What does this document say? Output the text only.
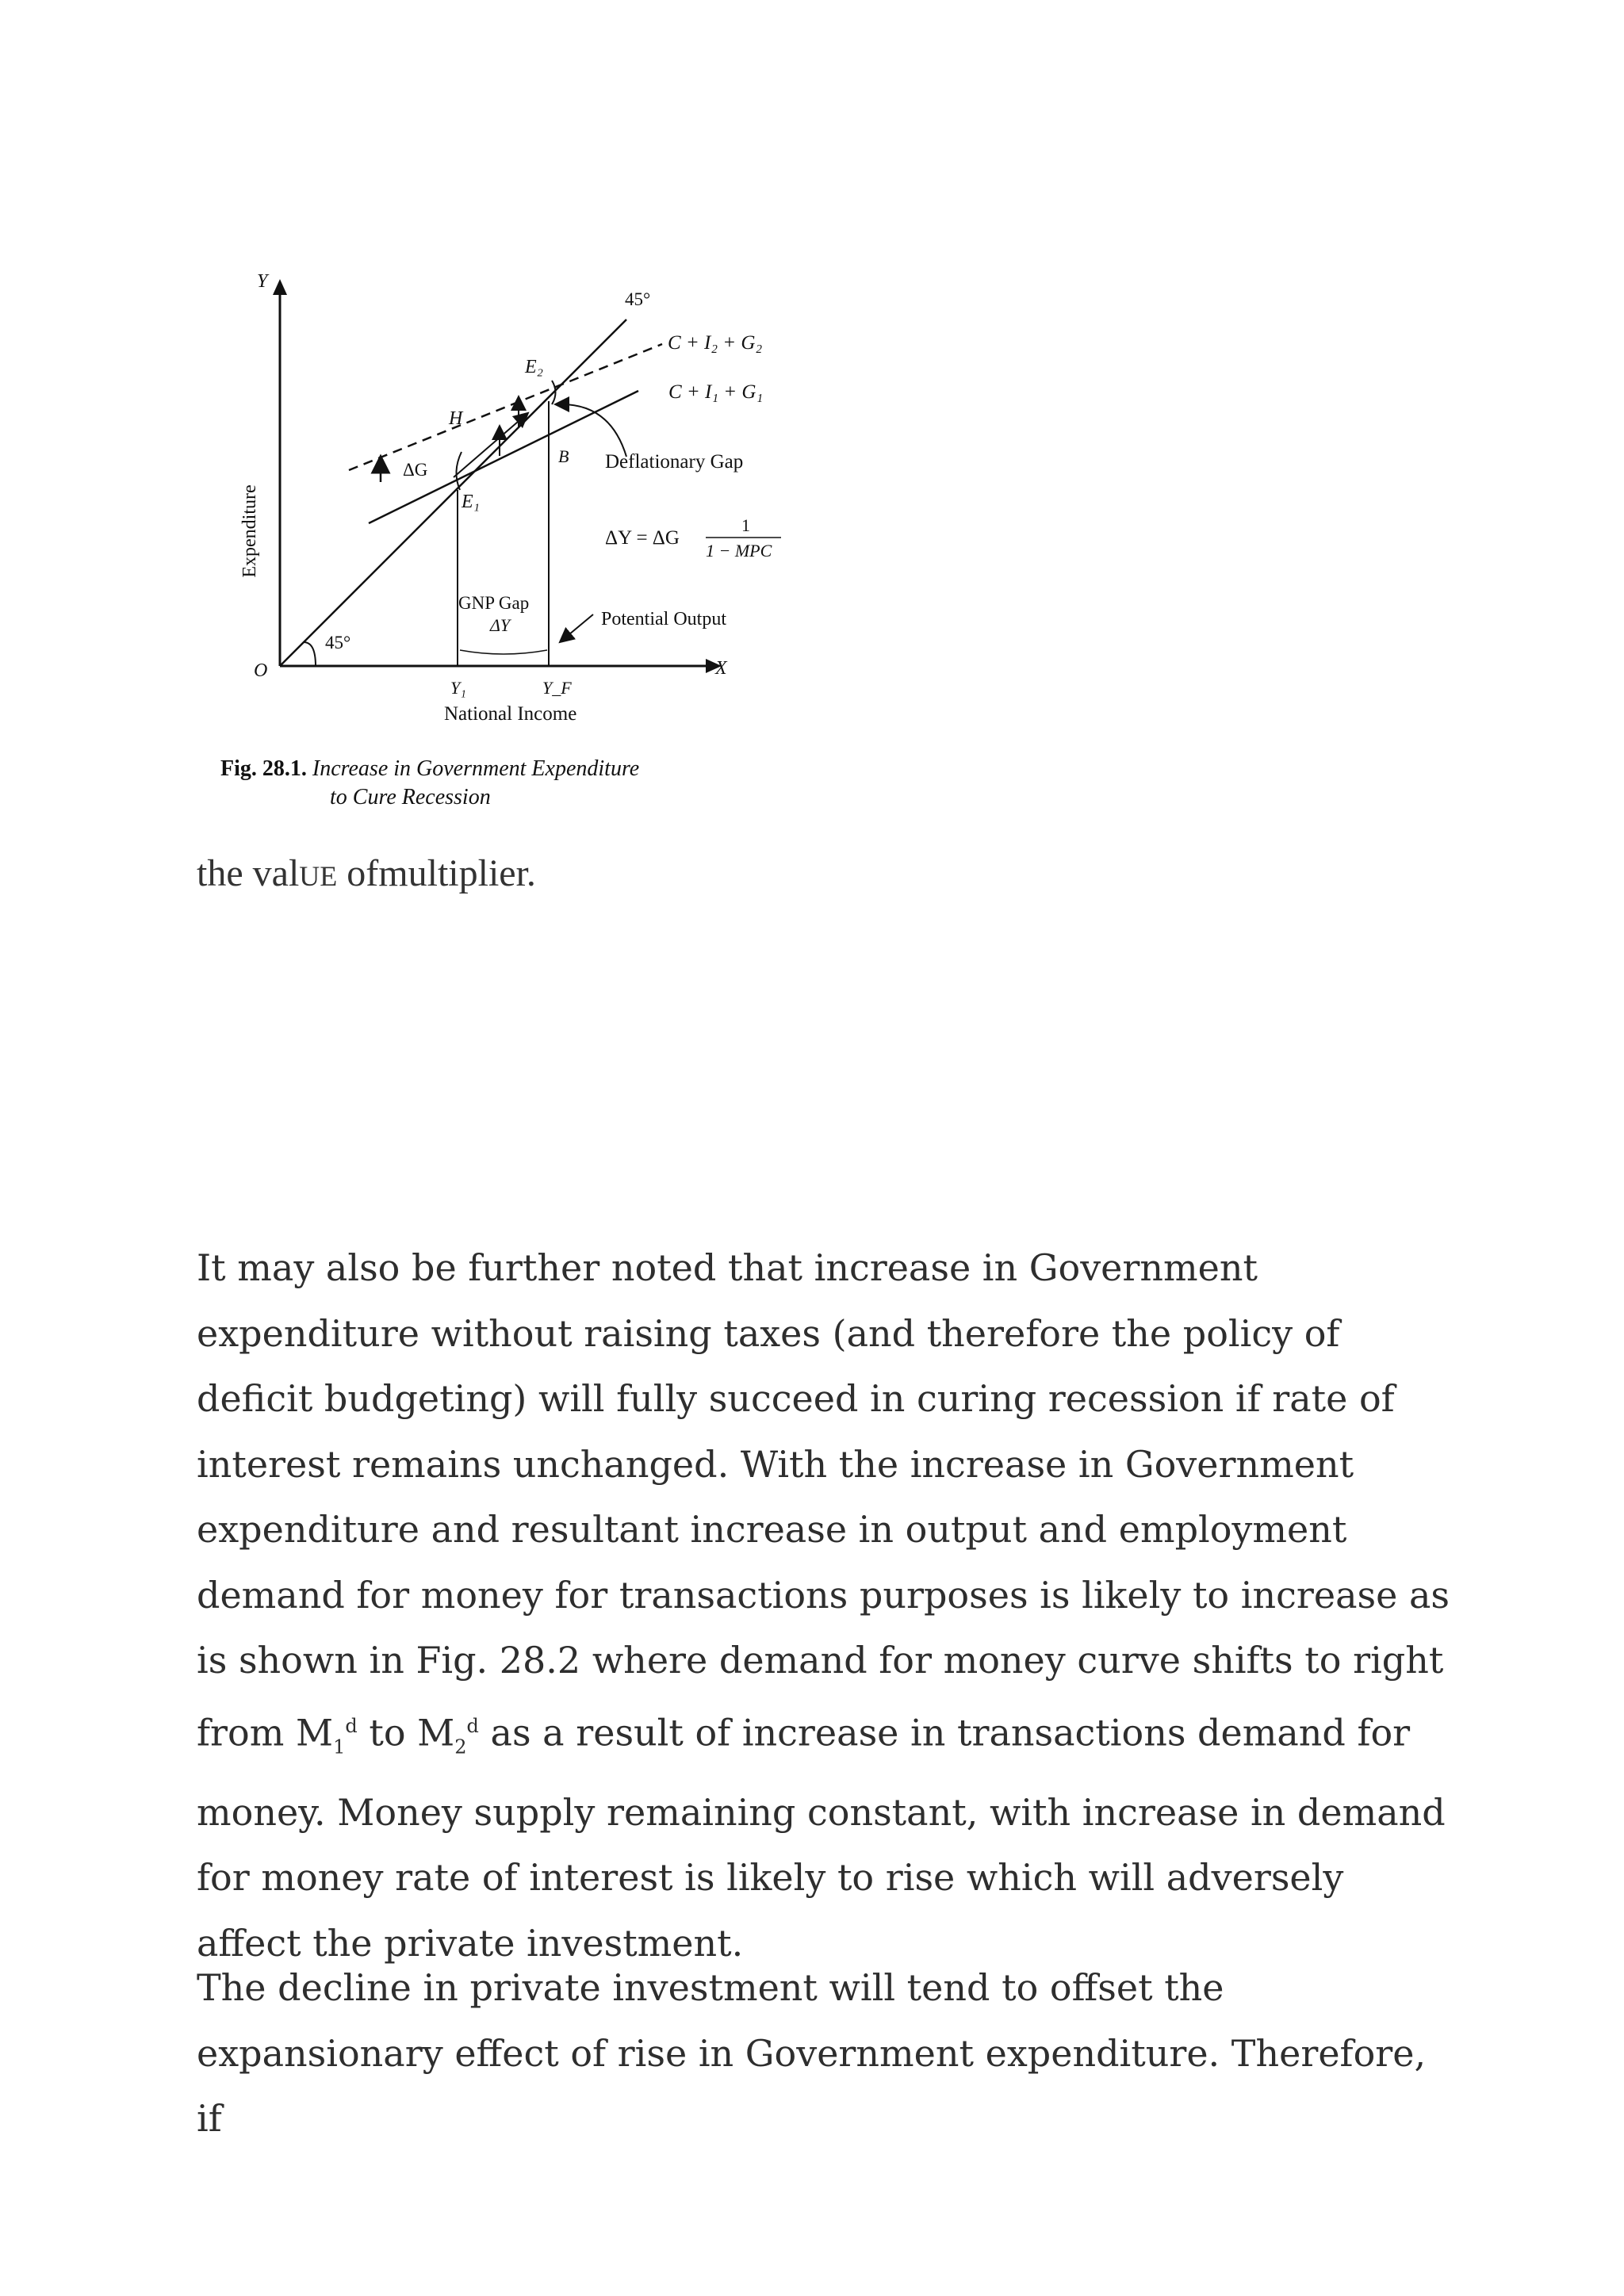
Y
X
O
Expenditure
National Income
45°
45°
C + I₂ + G₂
C + I₁ + G₁
E₂
E₁
H
B
ΔG	Deflationary Gap
ΔY = ΔG
1
1 − MPC
GNP Gap
ΔY	Potential Output
Y₁	Y_F
Fig. 28.1. Increase in Government Expenditure
to Cure Recession
the valUE ofmultiplier.

It may also be further noted that increase in Government expenditure without raising taxes (and therefore the policy of deficit budgeting) will fully succeed in curing recession if rate of interest remains unchanged. With the increase in Government expenditure and resultant increase in output and employment demand for money for transactions purposes is likely to increase as is shown in Fig. 28.2 where demand for money curve shifts to right from $M_1^d$ to $M_2^d$ as a result of increase in transactions demand for money. Money supply remaining constant, with increase in demand for money rate of interest is likely to rise which will adversely affect the private investment.

The decline in private investment will tend to offset the expansionary effect of rise in Government expenditure. Therefore, if
